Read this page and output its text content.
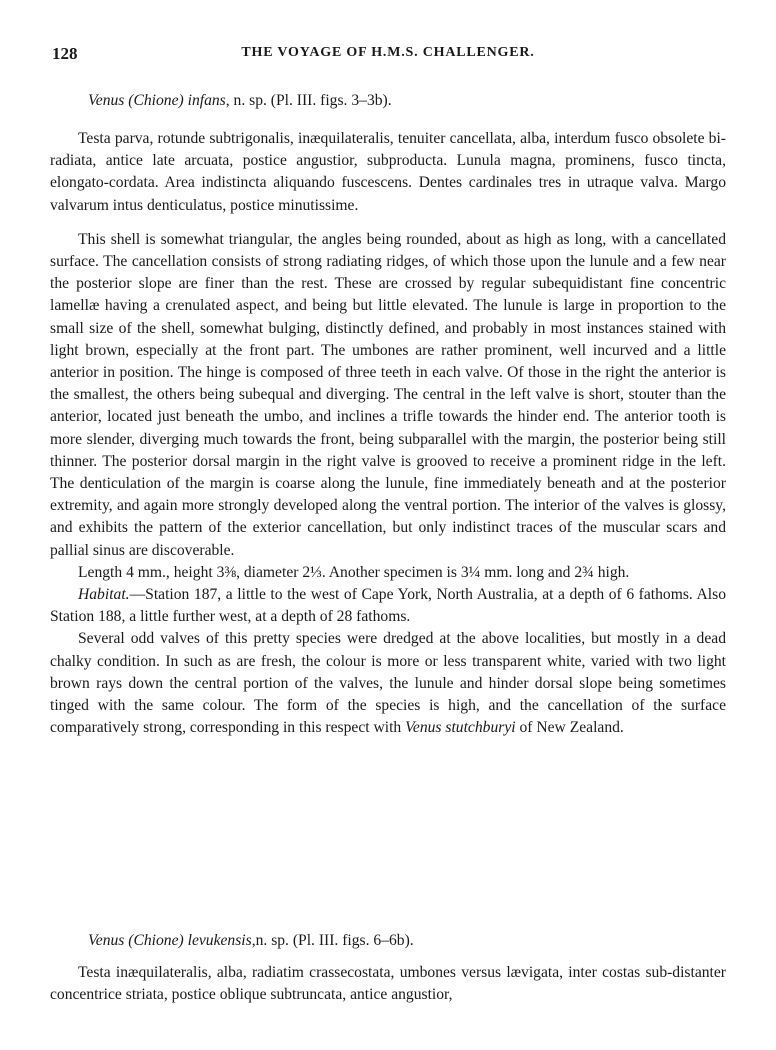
128	THE VOYAGE OF H.M.S. CHALLENGER.
Venus (Chione) infans, n. sp. (Pl. III. figs. 3–3b).

Testa parva, rotunde subtrigonalis, inæquilateralis, tenuiter cancellata, alba, interdum fusco obsolete bi-radiata, antice late arcuata, postice angustior, subproducta. Lunula magna, prominens, fusco tincta, elongato-cordata. Area indistincta aliquando fuscescens. Dentes cardinales tres in utraque valva. Margo valvarum intus denticulatus, postice minutissime.

This shell is somewhat triangular, the angles being rounded, about as high as long, with a cancellated surface. The cancellation consists of strong radiating ridges, of which those upon the lunule and a few near the posterior slope are finer than the rest. These are crossed by regular subequidistant fine concentric lamellæ having a crenulated aspect, and being but little elevated. The lunule is large in proportion to the small size of the shell, somewhat bulging, distinctly defined, and probably in most instances stained with light brown, especially at the front part. The umbones are rather prominent, well incurved and a little anterior in position. The hinge is composed of three teeth in each valve. Of those in the right the anterior is the smallest, the others being subequal and diverging. The central in the left valve is short, stouter than the anterior, located just beneath the umbo, and inclines a trifle towards the hinder end. The anterior tooth is more slender, diverging much towards the front, being subparallel with the margin, the posterior being still thinner. The posterior dorsal margin in the right valve is grooved to receive a prominent ridge in the left. The denticulation of the margin is coarse along the lunule, fine immediately beneath and at the posterior extremity, and again more strongly developed along the ventral portion. The interior of the valves is glossy, and exhibits the pattern of the exterior cancellation, but only indistinct traces of the muscular scars and pallial sinus are discoverable.

Length 4 mm., height 3⅜, diameter 2⅓. Another specimen is 3¼ mm. long and 2¾ high.

Habitat.—Station 187, a little to the west of Cape York, North Australia, at a depth of 6 fathoms. Also Station 188, a little further west, at a depth of 28 fathoms.

Several odd valves of this pretty species were dredged at the above localities, but mostly in a dead chalky condition. In such as are fresh, the colour is more or less transparent white, varied with two light brown rays down the central portion of the valves, the lunule and hinder dorsal slope being sometimes tinged with the same colour. The form of the species is high, and the cancellation of the surface comparatively strong, corresponding in this respect with Venus stutchburyi of New Zealand.

Venus (Chione) levukensis,n. sp. (Pl. III. figs. 6–6b).

Testa inæquilateralis, alba, radiatim crassecostata, umbones versus lævigata, inter costas sub-distanter concentrice striata, postice oblique subtruncata, antice angustior,
